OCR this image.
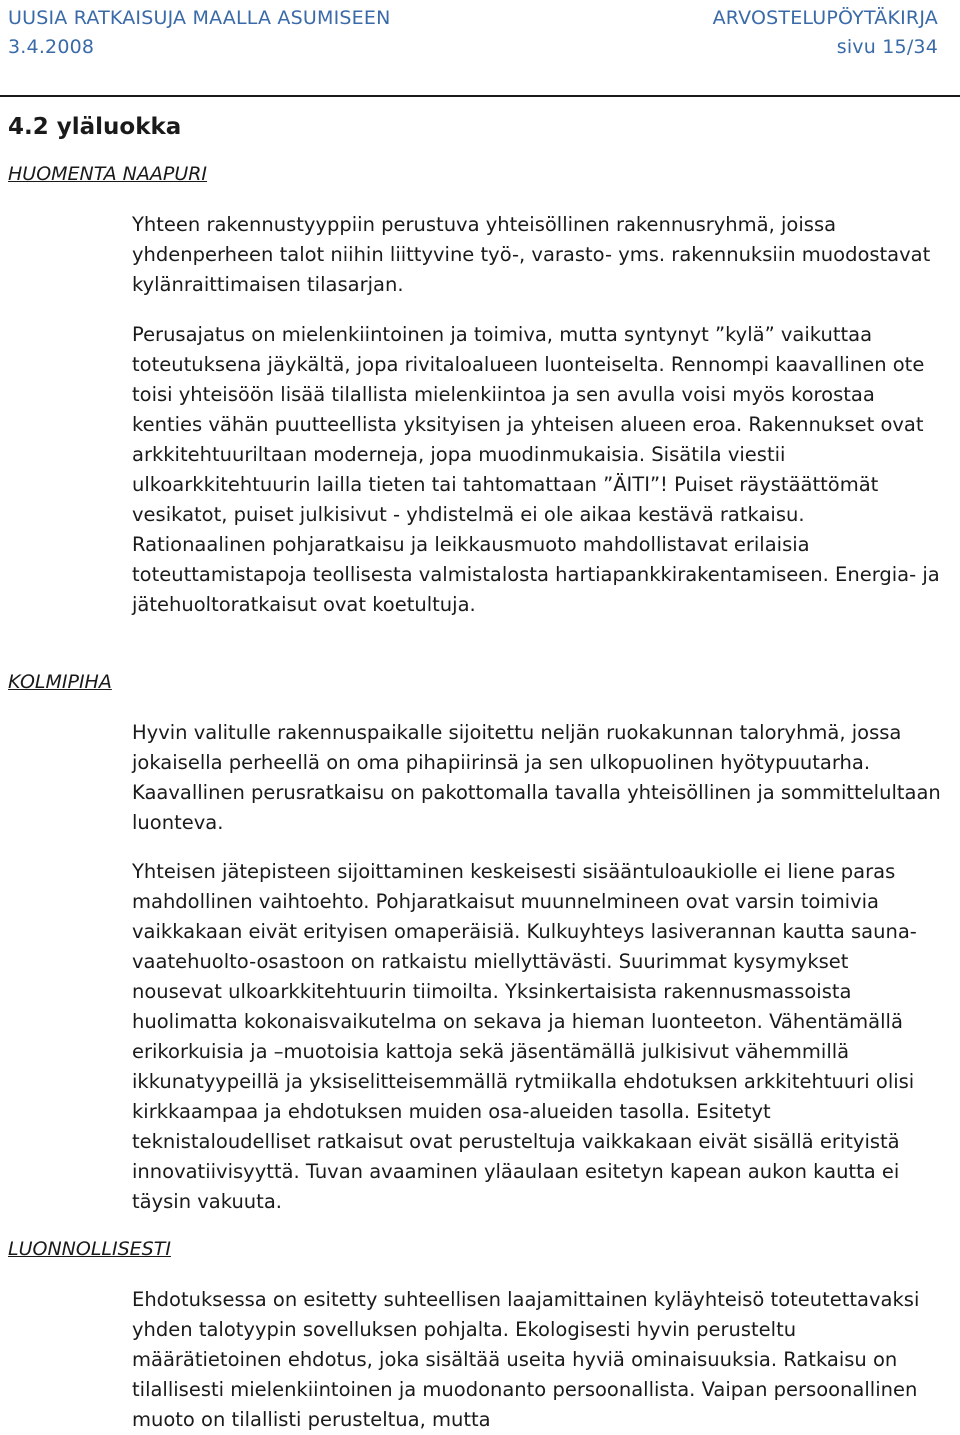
UUSIA RATKAISUJA MAALLA ASUMISEEN	ARVOSTELUPÖYTÄKIRJA
3.4.2008	sivu 15/34
4.2 yläluokka
HUOMENTA NAAPURI

Yhteen rakennustyyppiin perustuva yhteisöllinen rakennusryhmä, joissa yhdenperheen talot niihin liittyvine työ-, varasto- yms. rakennuksiin muodostavat kylänraittimaisen tilasarjan.

Perusajatus on mielenkiintoinen ja toimiva, mutta syntynyt ”kylä” vaikuttaa toteutuksena jäykältä, jopa rivitaloalueen luonteiselta. Rennompi kaavallinen ote toisi yhteisöön lisää tilallista mielenkiintoa ja sen avulla voisi myös korostaa kenties vähän puutteellista yksityisen ja yhteisen alueen eroa. Rakennukset ovat arkkitehtuuriltaan moderneja, jopa muodinmukaisia. Sisätila viestii ulkoarkkitehtuurin lailla tieten tai tahtomattaan ”ÄITI”! Puiset räystäättömät vesikatot, puiset julkisivut - yhdistelmä ei ole aikaa kestävä ratkaisu. Rationaalinen pohjaratkaisu ja leikkausmuoto mahdollistavat erilaisia toteuttamistapoja teollisesta valmistalosta hartiapankkirakentamiseen. Energia- ja jätehuoltoratkaisut ovat koetultuja.

KOLMIPIHA

Hyvin valitulle rakennuspaikalle sijoitettu neljän ruokakunnan taloryhmä, jossa jokaisella perheellä on oma pihapiirinsä ja sen ulkopuolinen hyötypuutarha. Kaavallinen perusratkaisu on pakottomalla tavalla yhteisöllinen ja sommittelultaan luonteva.

Yhteisen jätepisteen sijoittaminen keskeisesti sisääntuloaukiolle ei liene paras mahdollinen vaihtoehto. Pohjaratkaisut muunnelmineen ovat varsin toimivia vaikkakaan eivät erityisen omaperäisiä. Kulkuyhteys lasiverannan kautta sauna-vaatehuolto-osastoon on ratkaistu miellyttävästi. Suurimmat kysymykset nousevat ulkoarkkitehtuurin tiimoilta. Yksinkertaisista rakennusmassoista huolimatta kokonaisvaikutelma on sekava ja hieman luonteeton. Vähentämällä erikorkuisia ja –muotoisia kattoja sekä jäsentämällä julkisivut vähemmillä ikkunatyypeillä ja yksiselitteisemmällä rytmiikalla ehdotuksen arkkitehtuuri olisi kirkkaampaa ja ehdotuksen muiden osa-alueiden tasolla. Esitetyt teknistaloudelliset ratkaisut ovat perusteltuja vaikkakaan eivät sisällä erityistä innovatiivisyyttä. Tuvan avaaminen yläaulaan esitetyn kapean aukon kautta ei täysin vakuuta.

LUONNOLLISESTI

Ehdotuksessa on esitetty suhteellisen laajamittainen kyläyhteisö toteutettavaksi yhden talotyypin sovelluksen pohjalta. Ekologisesti hyvin perusteltu määrätietoinen ehdotus, joka sisältää useita hyviä ominaisuuksia. Ratkaisu on tilallisesti mielenkiintoinen ja muodonanto persoonallista. Vaipan persoonallinen muoto on tilallisti perusteltua, mutta
